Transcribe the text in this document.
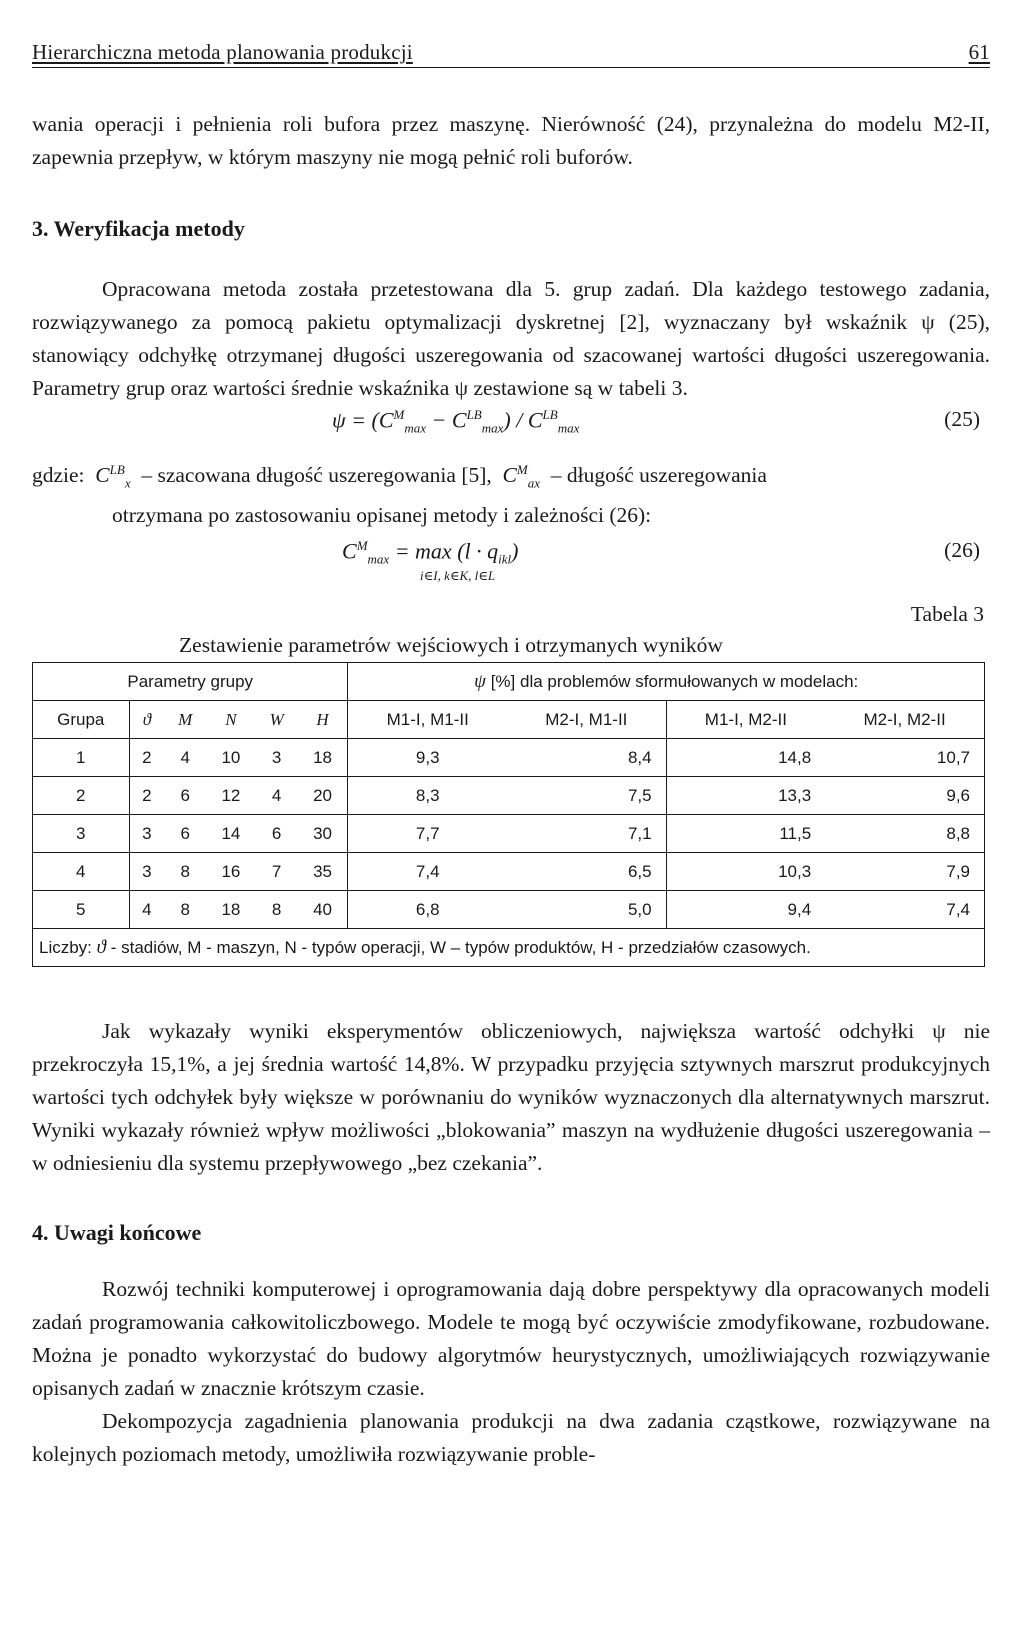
Hierarchiczna metoda planowania produkcji	61

wania operacji i pełnienia roli bufora przez maszynę. Nierówność (24), przynależna do modelu M2-II, zapewnia przepływ, w którym maszyny nie mogą pełnić roli buforów.

3. Weryfikacja metody

Opracowana metoda została przetestowana dla 5. grup zadań. Dla każdego testowego zadania, rozwiązywanego za pomocą pakietu optymalizacji dyskretnej [2], wyznaczany był wskaźnik ψ (25), stanowiący odchyłkę otrzymanej długości uszeregowania od szacowanej wartości długości uszeregowania. Parametry grup oraz wartości średnie wskaźnika ψ zestawione są w tabeli 3.

$\psi = (C^M_{max} - C^{LB}_{max}) / C^{LB}_{max}$	(25)
gdzie:  $C^{LB}_x$ – szacowana długość uszeregowania [5],  $C^M_{ax}$ – długość uszeregowania
otrzymana po zastosowaniu opisanej metody i zależności (26):
$C^M_{max} = \max (l \cdot q_{ikl})$
i∈I, k∈K, l∈L
(26)
Tabela 3
Zestawienie parametrów wejściowych i otrzymanych wyników
Parametry grupy						ψ [%] dla problemów sformułowanych w modelach:			
Grupa	ϑ	M	N	W	H	M1-I, M1-II	M2-I, M1-II	M1-I, M2-II	M2-I, M2-II
1	2	4	10	3	18	9,3	8,4	14,8	10,7
2	2	6	12	4	20	8,3	7,5	13,3	9,6
3	3	6	14	6	30	7,7	7,1	11,5	8,8
4	3	8	16	7	35	7,4	6,5	10,3	7,9
5	4	8	18	8	40	6,8	5,0	9,4	7,4
Liczby: ϑ - stadiów, M - maszyn, N - typów operacji, W – typów produktów, H - przedziałów czasowych.									

Jak wykazały wyniki eksperymentów obliczeniowych, największa wartość odchyłki ψ nie przekroczyła 15,1%, a jej średnia wartość 14,8%. W przypadku przyjęcia sztywnych marszrut produkcyjnych wartości tych odchyłek były większe w porównaniu do wyników wyznaczonych dla alternatywnych marszrut. Wyniki wykazały również wpływ możliwości „blokowania” maszyn na wydłużenie długości uszeregowania – w odniesieniu dla systemu przepływowego „bez czekania”.

4. Uwagi końcowe

Rozwój techniki komputerowej i oprogramowania dają dobre perspektywy dla opracowanych modeli zadań programowania całkowitoliczbowego. Modele te mogą być oczywiście zmodyfikowane, rozbudowane. Można je ponadto wykorzystać do budowy algorytmów heurystycznych, umożliwiających rozwiązywanie opisanych zadań w znacznie krótszym czasie.

Dekompozycja zagadnienia planowania produkcji na dwa zadania cząstkowe, rozwiązywane na kolejnych poziomach metody, umożliwiła rozwiązywanie proble-
